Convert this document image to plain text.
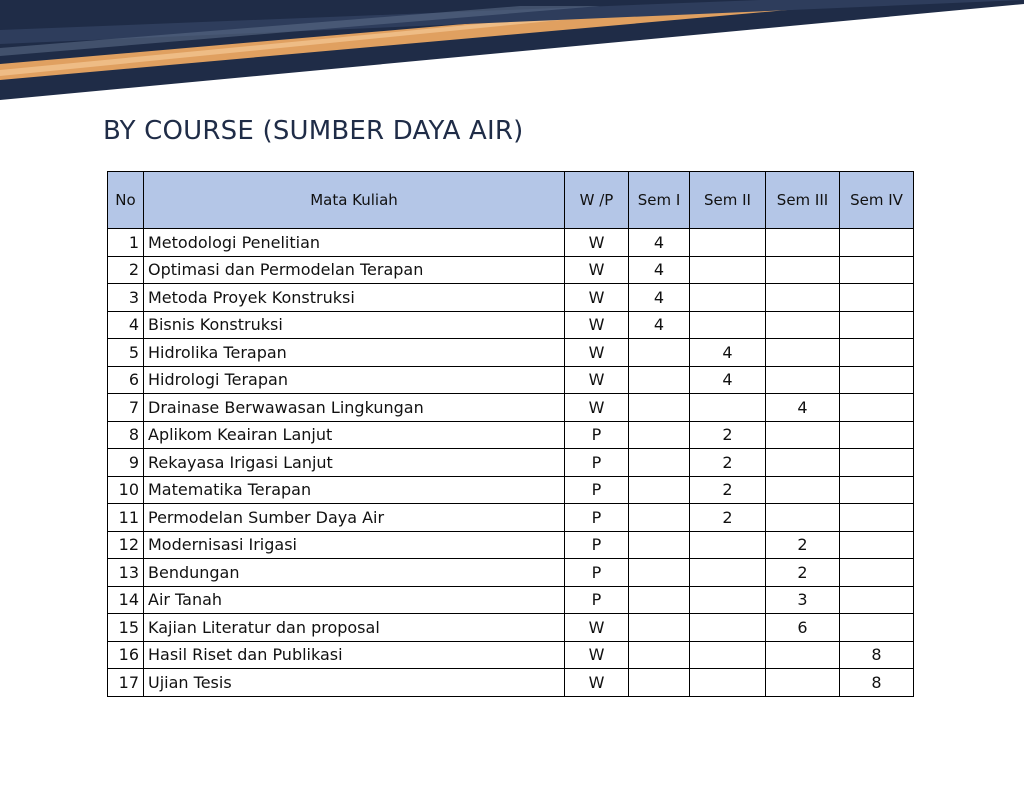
BY COURSE (SUMBER DAYA AIR)
No	Mata Kuliah	W /P	Sem I	Sem II	Sem III	Sem IV
1	Metodologi Penelitian	W	4			
2	Optimasi dan Permodelan Terapan	W	4			
3	Metoda Proyek Konstruksi	W	4			
4	Bisnis Konstruksi	W	4			
5	Hidrolika Terapan	W		4		
6	Hidrologi Terapan	W		4		
7	Drainase Berwawasan Lingkungan	W			4	
8	Aplikom Keairan Lanjut	P		2		
9	Rekayasa Irigasi Lanjut	P		2		
10	Matematika Terapan	P		2		
11	Permodelan Sumber Daya Air	P		2		
12	Modernisasi Irigasi	P			2	
13	Bendungan	P			2	
14	Air Tanah	P			3	
15	Kajian Literatur dan proposal	W			6	
16	Hasil Riset dan Publikasi	W				8
17	Ujian Tesis	W				8
